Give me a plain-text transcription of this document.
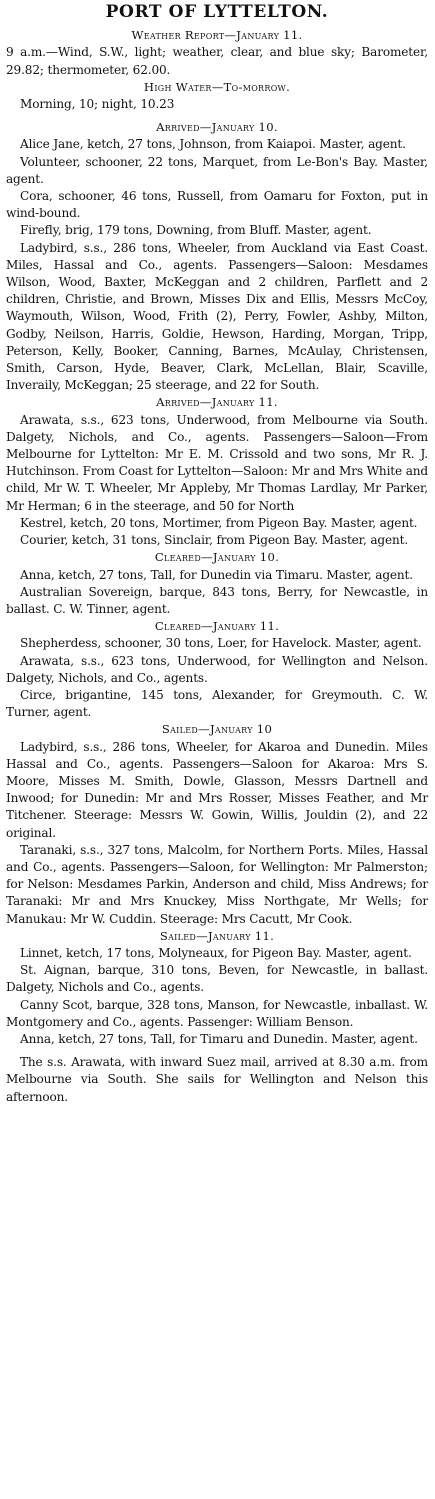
PORT OF LYTTELTON.
Weather Report—January 11.

9 a.m.—Wind, S.W., light; weather, clear, and blue sky; Barometer, 29.82; thermometer, 62.00.

High Water—To-morrow.

Morning, 10; night, 10.23

Arrived—January 10.

Alice Jane, ketch, 27 tons, Johnson, from Kaiapoi. Master, agent.

Volunteer, schooner, 22 tons, Marquet, from Le-Bon's Bay. Master, agent.

Cora, schooner, 46 tons, Russell, from Oamaru for Foxton, put in wind-bound.

Firefly, brig, 179 tons, Downing, from Bluff. Master, agent.

Ladybird, s.s., 286 tons, Wheeler, from Auckland via East Coast. Miles, Hassal and Co., agents. Passengers—Saloon: Mesdames Wilson, Wood, Baxter, McKeggan and 2 children, Parflett and 2 children, Christie, and Brown, Misses Dix and Ellis, Messrs McCoy, Waymouth, Wilson, Wood, Frith (2), Perry, Fowler, Ashby, Milton, Godby, Neilson, Harris, Goldie, Hewson, Harding, Morgan, Tripp, Peterson, Kelly, Booker, Canning, Barnes, McAulay, Christensen, Smith, Carson, Hyde, Beaver, Clark, McLellan, Blair, Scaville, Inveraily, McKeggan; 25 steerage, and 22 for South.

Arrived—January 11.

Arawata, s.s., 623 tons, Underwood, from Melbourne via South. Dalgety, Nichols, and Co., agents. Passengers—Saloon—From Melbourne for Lyttelton: Mr E. M. Crissold and two sons, Mr R. J. Hutchinson. From Coast for Lyttelton—Saloon: Mr and Mrs White and child, Mr W. T. Wheeler, Mr Appleby, Mr Thomas Lardlay, Mr Parker, Mr Herman; 6 in the steerage, and 50 for North

Kestrel, ketch, 20 tons, Mortimer, from Pigeon Bay. Master, agent.

Courier, ketch, 31 tons, Sinclair, from Pigeon Bay. Master, agent.

Cleared—January 10.

Anna, ketch, 27 tons, Tall, for Dunedin via Timaru. Master, agent.

Australian Sovereign, barque, 843 tons, Berry, for Newcastle, in ballast. C. W. Tinner, agent.

Cleared—January 11.

Shepherdess, schooner, 30 tons, Loer, for Havelock. Master, agent.

Arawata, s.s., 623 tons, Underwood, for Wellington and Nelson. Dalgety, Nichols, and Co., agents.

Circe, brigantine, 145 tons, Alexander, for Greymouth. C. W. Turner, agent.

Sailed—January 10

Ladybird, s.s., 286 tons, Wheeler, for Akaroa and Dunedin. Miles Hassal and Co., agents. Passengers—Saloon for Akaroa: Mrs S. Moore, Misses M. Smith, Dowle, Glasson, Messrs Dartnell and Inwood; for Dunedin: Mr and Mrs Rosser, Misses Feather, and Mr Titchener. Steerage: Messrs W. Gowin, Willis, Jouldin (2), and 22 original.

Taranaki, s.s., 327 tons, Malcolm, for Northern Ports. Miles, Hassal and Co., agents. Passengers—Saloon, for Wellington: Mr Palmerston; for Nelson: Mesdames Parkin, Anderson and child, Miss Andrews; for Taranaki: Mr and Mrs Knuckey, Miss Northgate, Mr Wells; for Manukau: Mr W. Cuddin. Steerage: Mrs Cacutt, Mr Cook.

Sailed—January 11.

Linnet, ketch, 17 tons, Molyneaux, for Pigeon Bay. Master, agent.

St. Aignan, barque, 310 tons, Beven, for Newcastle, in ballast. Dalgety, Nichols and Co., agents.

Canny Scot, barque, 328 tons, Manson, for Newcastle, inballast. W. Montgomery and Co., agents. Passenger: William Benson.

Anna, ketch, 27 tons, Tall, for Timaru and Dunedin. Master, agent.

The s.s. Arawata, with inward Suez mail, arrived at 8.30 a.m. from Melbourne via South. She sails for Wellington and Nelson this afternoon.
